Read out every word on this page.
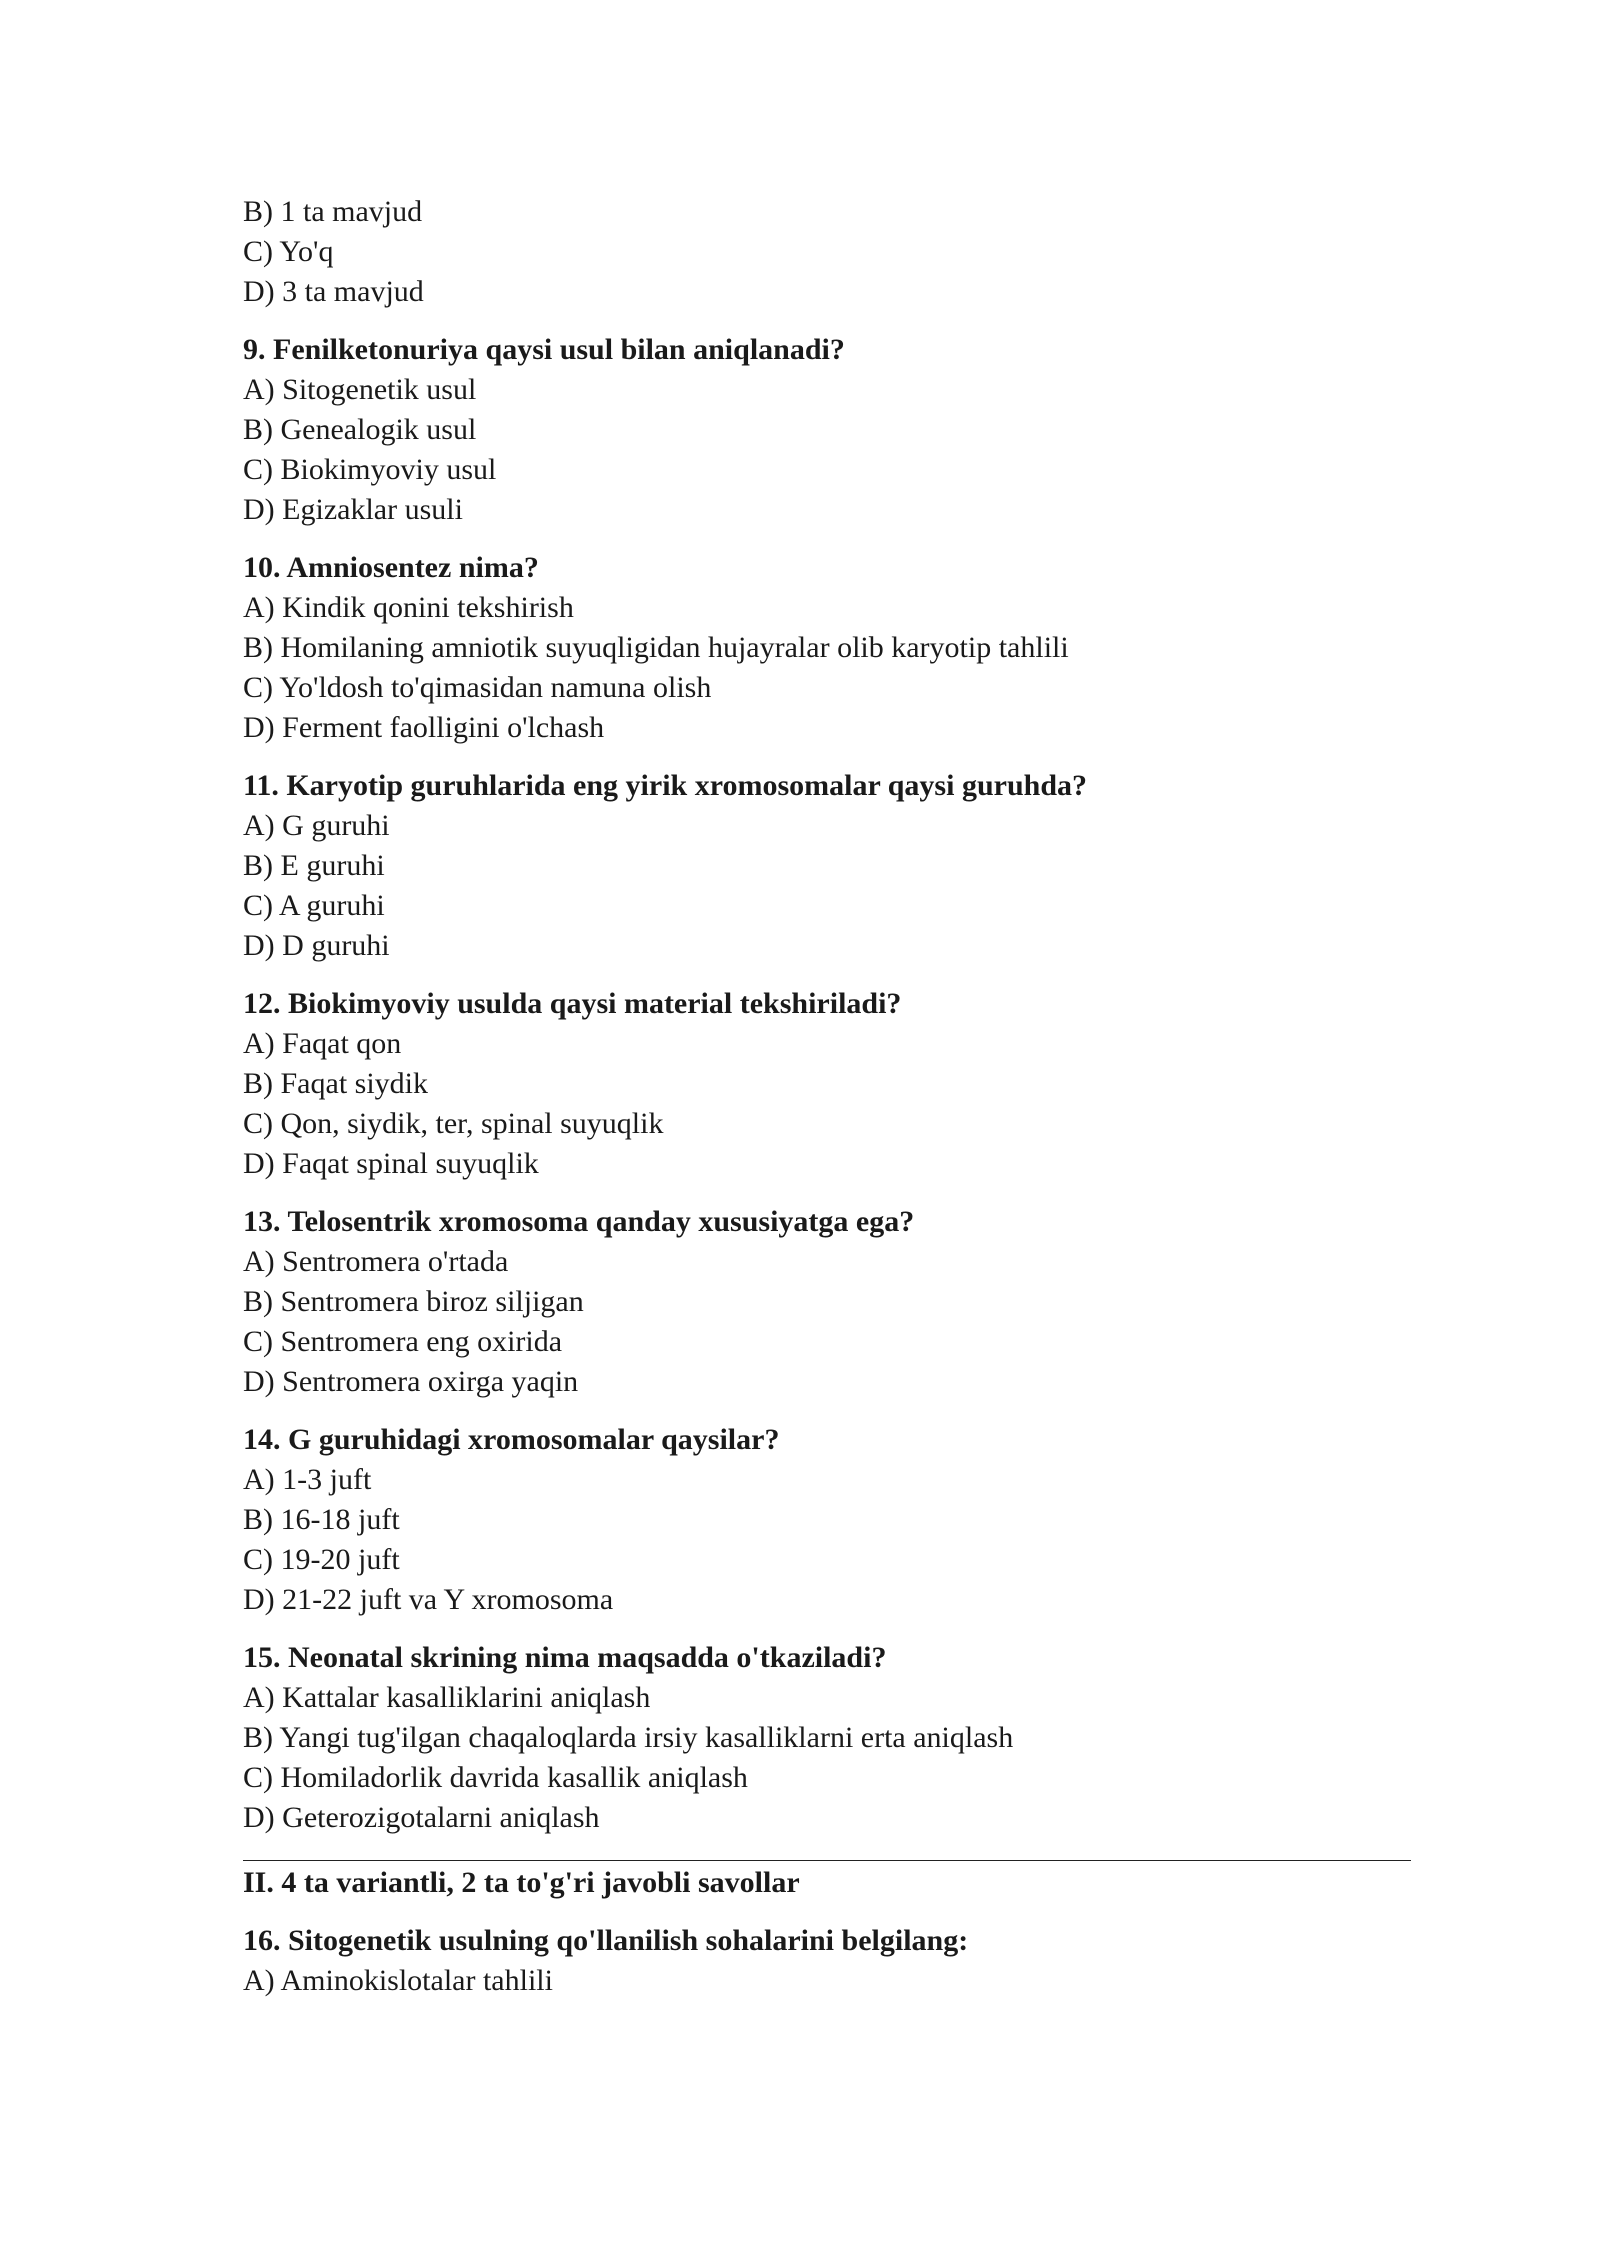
B) 1 ta mavjud
C) Yo'q
D) 3 ta mavjud
9. Fenilketonuriya qaysi usul bilan aniqlanadi?
A) Sitogenetik usul
B) Genealogik usul
C) Biokimyoviy usul
D) Egizaklar usuli
10. Amniosentez nima?
A) Kindik qonini tekshirish
B) Homilaning amniotik suyuqligidan hujayralar olib karyotip tahlili
C) Yo'ldosh to'qimasidan namuna olish
D) Ferment faolligini o'lchash
11. Karyotip guruhlarida eng yirik xromosomalar qaysi guruhda?
A) G guruhi
B) E guruhi
C) A guruhi
D) D guruhi
12. Biokimyoviy usulda qaysi material tekshiriladi?
A) Faqat qon
B) Faqat siydik
C) Qon, siydik, ter, spinal suyuqlik
D) Faqat spinal suyuqlik
13. Telosentrik xromosoma qanday xususiyatga ega?
A) Sentromera o'rtada
B) Sentromera biroz siljigan
C) Sentromera eng oxirida
D) Sentromera oxirga yaqin
14. G guruhidagi xromosomalar qaysilar?
A) 1-3 juft
B) 16-18 juft
C) 19-20 juft
D) 21-22 juft va Y xromosoma
15. Neonatal skrining nima maqsadda o'tkaziladi?
A) Kattalar kasalliklarini aniqlash
B) Yangi tug'ilgan chaqaloqlarda irsiy kasalliklarni erta aniqlash
C) Homiladorlik davrida kasallik aniqlash
D) Geterozigotalarni aniqlash
II. 4 ta variantli, 2 ta to'g'ri javobli savollar
16. Sitogenetik usulning qo'llanilish sohalarini belgilang:
A) Aminokislotalar tahlili
